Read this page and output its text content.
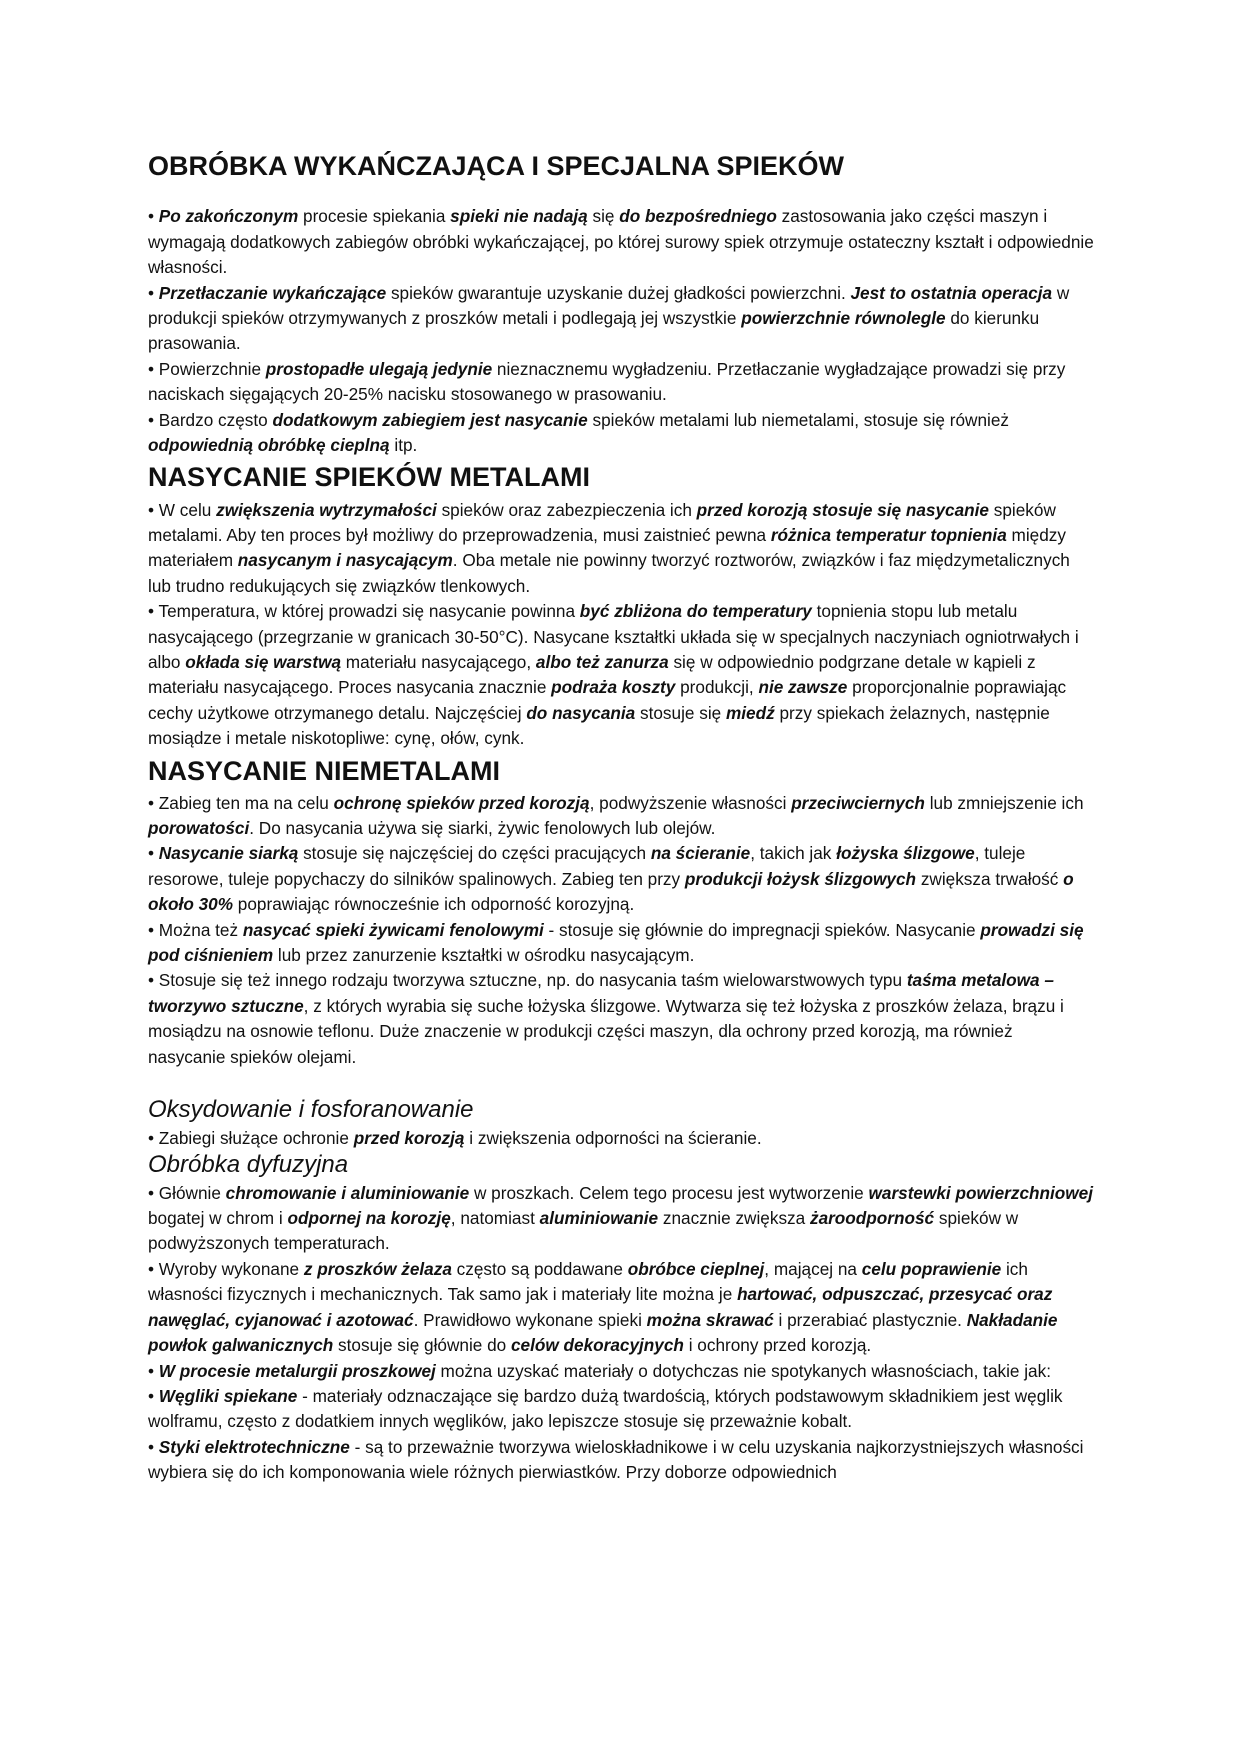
OBRÓBKA WYKAŃCZAJĄCA I SPECJALNA SPIEKÓW

• Po zakończonym procesie spiekania spieki nie nadają się do bezpośredniego zastosowania jako części maszyn i wymagają dodatkowych zabiegów obróbki wykańczającej, po której surowy spiek otrzymuje ostateczny kształt i odpowiednie własności.

• Przetłaczanie wykańczające spieków gwarantuje uzyskanie dużej gładkości powierzchni. Jest to ostatnia operacja w produkcji spieków otrzymywanych z proszków metali i podlegają jej wszystkie powierzchnie równolegle do kierunku prasowania.

• Powierzchnie prostopadłe ulegają jedynie nieznacznemu wygładzeniu. Przetłaczanie wygładzające prowadzi się przy naciskach sięgających 20-25% nacisku stosowanego w prasowaniu.

• Bardzo często dodatkowym zabiegiem jest nasycanie spieków metalami lub niemetalami, stosuje się również odpowiednią obróbkę cieplną itp.

NASYCANIE SPIEKÓW METALAMI

• W celu zwiększenia wytrzymałości spieków oraz zabezpieczenia ich przed korozją stosuje się nasycanie spieków metalami. Aby ten proces był możliwy do przeprowadzenia, musi zaistnieć pewna różnica temperatur topnienia między materiałem nasycanym i nasycającym. Oba metale nie powinny tworzyć roztworów, związków i faz międzymetalicznych lub trudno redukujących się związków tlenkowych.

• Temperatura, w której prowadzi się nasycanie powinna być zbliżona do temperatury topnienia stopu lub metalu nasycającego (przegrzanie w granicach 30-50°C). Nasycane kształtki układa się w specjalnych naczyniach ogniotrwałych i albo okłada się warstwą materiału nasycającego, albo też zanurza się w odpowiednio podgrzane detale w kąpieli z materiału nasycającego. Proces nasycania znacznie podraża koszty produkcji, nie zawsze proporcjonalnie poprawiając cechy użytkowe otrzymanego detalu. Najczęściej do nasycania stosuje się miedź przy spiekach żelaznych, następnie mosiądze i metale niskotopliwe: cynę, ołów, cynk.

NASYCANIE NIEMETALAMI

• Zabieg ten ma na celu ochronę spieków przed korozją, podwyższenie własności przeciwciernych lub zmniejszenie ich porowatości. Do nasycania używa się siarki, żywic fenolowych lub olejów.

• Nasycanie siarką stosuje się najczęściej do części pracujących na ścieranie, takich jak łożyska ślizgowe, tuleje resorowe, tuleje popychaczy do silników spalinowych. Zabieg ten przy produkcji łożysk ślizgowych zwiększa trwałość o około 30% poprawiając równocześnie ich odporność korozyjną.

• Można też nasycać spieki żywicami fenolowymi - stosuje się głównie do impregnacji spieków. Nasycanie prowadzi się pod ciśnieniem lub przez zanurzenie kształtki w ośrodku nasycającym.

• Stosuje się też innego rodzaju tworzywa sztuczne, np. do nasycania taśm wielowarstwowych typu taśma metalowa – tworzywo sztuczne, z których wyrabia się suche łożyska ślizgowe. Wytwarza się też łożyska z proszków żelaza, brązu i mosiądzu na osnowie teflonu. Duże znaczenie w produkcji części maszyn, dla ochrony przed korozją, ma również nasycanie spieków olejami.

Oksydowanie i fosforanowanie

• Zabiegi służące ochronie przed korozją i zwiększenia odporności na ścieranie.

Obróbka dyfuzyjna

• Głównie chromowanie i aluminiowanie w proszkach. Celem tego procesu jest wytworzenie warstewki powierzchniowej bogatej w chrom i odpornej na korozję, natomiast aluminiowanie znacznie zwiększa żaroodporność spieków w podwyższonych temperaturach.

• Wyroby wykonane z proszków żelaza często są poddawane obróbce cieplnej, mającej na celu poprawienie ich własności fizycznych i mechanicznych. Tak samo jak i materiały lite można je hartować, odpuszczać, przesycać oraz nawęglać, cyjanować i azotować. Prawidłowo wykonane spieki można skrawać i przerabiać plastycznie. Nakładanie powłok galwanicznych stosuje się głównie do celów dekoracyjnych i ochrony przed korozją.

• W procesie metalurgii proszkowej można uzyskać materiały o dotychczas nie spotykanych własnościach, takie jak:

• Węgliki spiekane - materiały odznaczające się bardzo dużą twardością, których podstawowym składnikiem jest węglik wolframu, często z dodatkiem innych węglików, jako lepiszcze stosuje się przeważnie kobalt.

• Styki elektrotechniczne - są to przeważnie tworzywa wieloskładnikowe i w celu uzyskania najkorzystniejszych własności wybiera się do ich komponowania wiele różnych pierwiastków. Przy doborze odpowiednich
